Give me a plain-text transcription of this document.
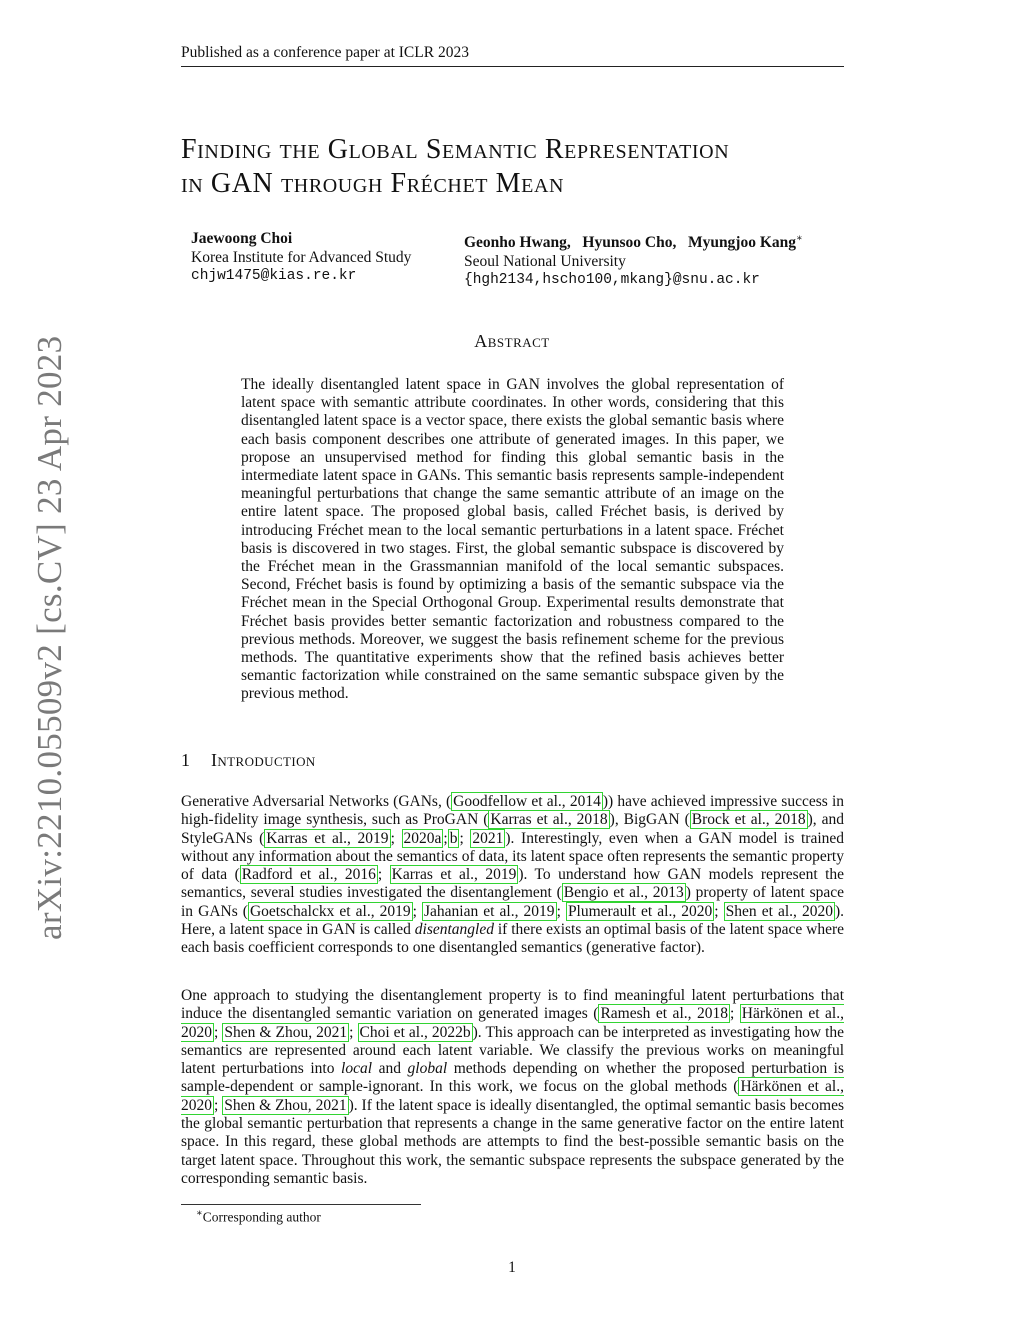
Published as a conference paper at ICLR 2023
arXiv:2210.05509v2 [cs.CV] 23 Apr 2023
Finding the Global Semantic Representation
in GAN through Fréchet Mean
Jaewoong Choi
Korea Institute for Advanced Study
chjw1475@kias.re.kr
Geonho Hwang,   Hyunsoo Cho,   Myungjoo Kang∗
Seoul National University
{hgh2134,hscho100,mkang}@snu.ac.kr
Abstract
The ideally disentangled latent space in GAN involves the global representation of latent space with semantic attribute coordinates. In other words, considering that this disentangled latent space is a vector space, there exists the global semantic basis where each basis component describes one attribute of generated images. In this paper, we propose an unsupervised method for finding this global semantic basis in the intermediate latent space in GANs. This semantic basis represents sample-independent meaningful perturbations that change the same semantic attribute of an image on the entire latent space. The proposed global basis, called Fréchet basis, is derived by introducing Fréchet mean to the local semantic perturbations in a latent space. Fréchet basis is discovered in two stages. First, the global semantic subspace is discovered by the Fréchet mean in the Grassmannian manifold of the local semantic subspaces. Second, Fréchet basis is found by optimizing a basis of the semantic subspace via the Fréchet mean in the Special Orthogonal Group. Experimental results demonstrate that Fréchet basis provides better semantic factorization and robustness compared to the previous methods. Moreover, we suggest the basis refinement scheme for the previous methods. The quantitative experiments show that the refined basis achieves better semantic factorization while constrained on the same semantic subspace given by the previous method.
1 Introduction
Generative Adversarial Networks (GANs, ( Goodfellow et al., 2014 )) have achieved impressive success in high-fidelity image synthesis, such as ProGAN ( Karras et al., 2018 ), BigGAN ( Brock et al., 2018 ), and StyleGANs ( Karras et al., 2019 ; 2020a ; b ; 2021 ). Interestingly, even when a GAN model is trained without any information about the semantics of data, its latent space often represents the semantic property of data ( Radford et al., 2016 ; Karras et al., 2019 ). To understand how GAN models represent the semantics, several studies investigated the disentanglement ( Bengio et al., 2013 ) property of latent space in GANs ( Goetschalckx et al., 2019 ; Jahanian et al., 2019 ; Plumerault et al., 2020 ; Shen et al., 2020 ). Here, a latent space in GAN is called disentangled if there exists an optimal basis of the latent space where each basis coefficient corresponds to one disentangled semantics (generative factor).
One approach to studying the disentanglement property is to find meaningful latent perturbations that induce the disentangled semantic variation on generated images ( Ramesh et al., 2018 ; Härkönen et al., 2020 ; Shen & Zhou, 2021 ; Choi et al., 2022b ). This approach can be interpreted as investigating how the semantics are represented around each latent variable. We classify the previous works on meaningful latent perturbations into local and global methods depending on whether the proposed perturbation is sample-dependent or sample-ignorant. In this work, we focus on the global methods ( Härkönen et al., 2020 ; Shen & Zhou, 2021 ). If the latent space is ideally disentangled, the optimal semantic basis becomes the global semantic perturbation that represents a change in the same generative factor on the entire latent space. In this regard, these global methods are attempts to find the best-possible semantic basis on the target latent space. Throughout this work, the semantic subspace represents the subspace generated by the corresponding semantic basis.
∗Corresponding author
1
